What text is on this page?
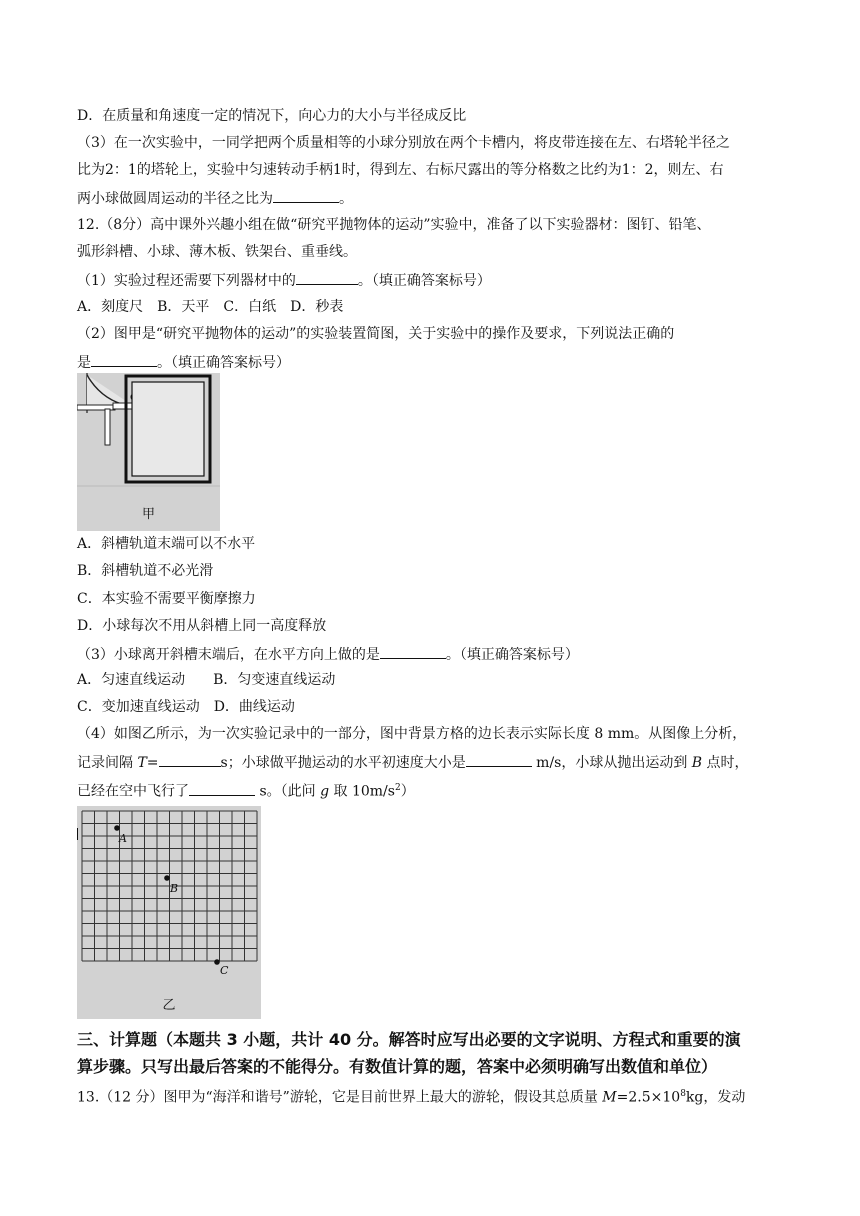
D．在质量和角速度一定的情况下，向心力的大小与半径成反比
（3）在一次实验中，一同学把两个质量相等的小球分别放在两个卡槽内，将皮带连接在左、右塔轮半径之
比为2：1的塔轮上，实验中匀速转动手柄1时，得到左、右标尺露出的等分格数之比约为1：2，则左、右
两小球做圆周运动的半径之比为	。
12.（8分）高中课外兴趣小组在做“研究平抛物体的运动”实验中，准备了以下实验器材：图钉、铅笔、
弧形斜槽、小球、薄木板、铁架台、重垂线。
（1）实验过程还需要下列器材中的	。（填正确答案标号）
A．刻度尺　B．天平　C．白纸　D．秒表
（2）图甲是“研究平抛物体的运动”的实验装置简图，关于实验中的操作及要求，下列说法正确的
是	。（填正确答案标号）
甲
A．斜槽轨道末端可以不水平
B．斜槽轨道不必光滑
C．本实验不需要平衡摩擦力
D．小球每次不用从斜槽上同一高度释放
（3）小球离开斜槽末端后，在水平方向上做的是	。（填正确答案标号）
A．匀速直线运动　　B．匀变速直线运动
C．变加速直线运动　D．曲线运动
（4）如图乙所示，为一次实验记录中的一部分，图中背景方格的边长表示实际长度 8 mm。从图像上分析，
记录间隔 T=	s；小球做平抛运动的水平初速度大小是	m/s，小球从抛出运动到 B 点时，
已经在空中飞行了	s。（此问 g 取 $10m/s^2$）
A
B
C
乙
三、计算题（本题共 3 小题，共计 40 分。解答时应写出必要的文字说明、方程式和重要的演
算步骤。只写出最后答案的不能得分。有数值计算的题，答案中必须明确写出数值和单位）
13.（12 分）图甲为“海洋和谐号”游轮，它是目前世界上最大的游轮，假设其总质量 $M=2.5\times 10^8kg$，发动
